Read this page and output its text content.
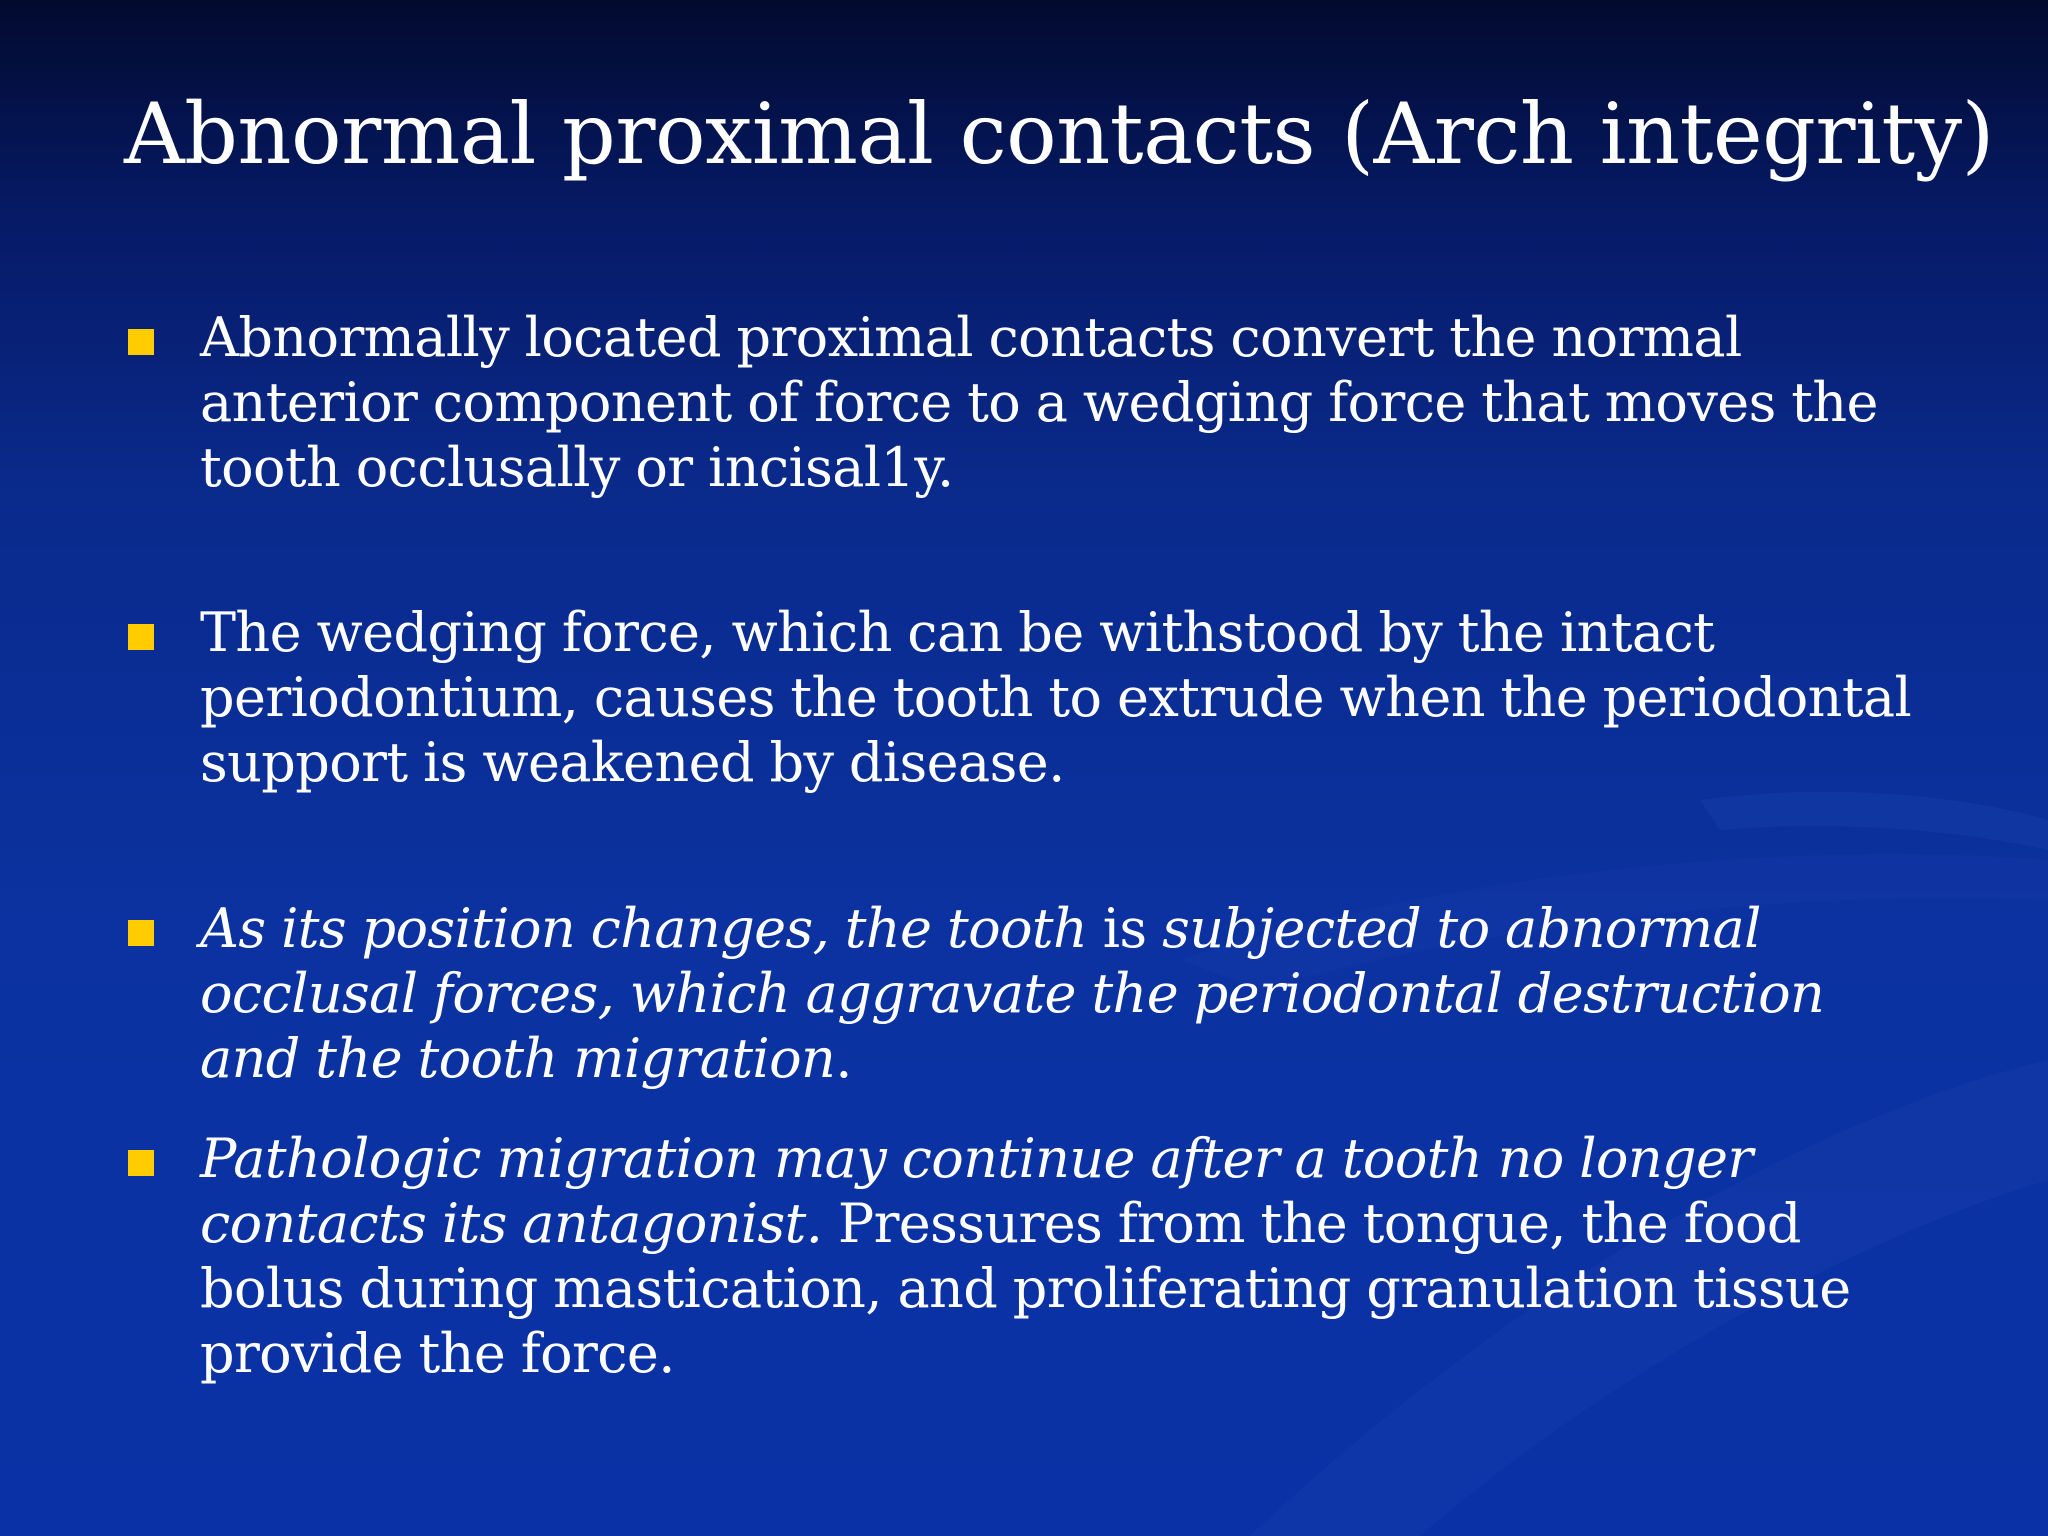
Abnormal proximal contacts (Arch integrity)
Abnormally located proximal contacts convert the normal anterior component of force to a wedging force that moves the tooth occlusally or incisal1y.
The wedging force, which can be withstood by the intact periodontium, causes the tooth to extrude when the periodontal support is weakened by disease.
As its position changes, the tooth is subjected to abnormal occlusal forces, which aggravate the periodontal destruction and the tooth migration.
Pathologic migration may continue after a tooth no longer contacts its antagonist. Pressures from the tongue, the food bolus during mastication, and proliferating granulation tissue provide the force.
